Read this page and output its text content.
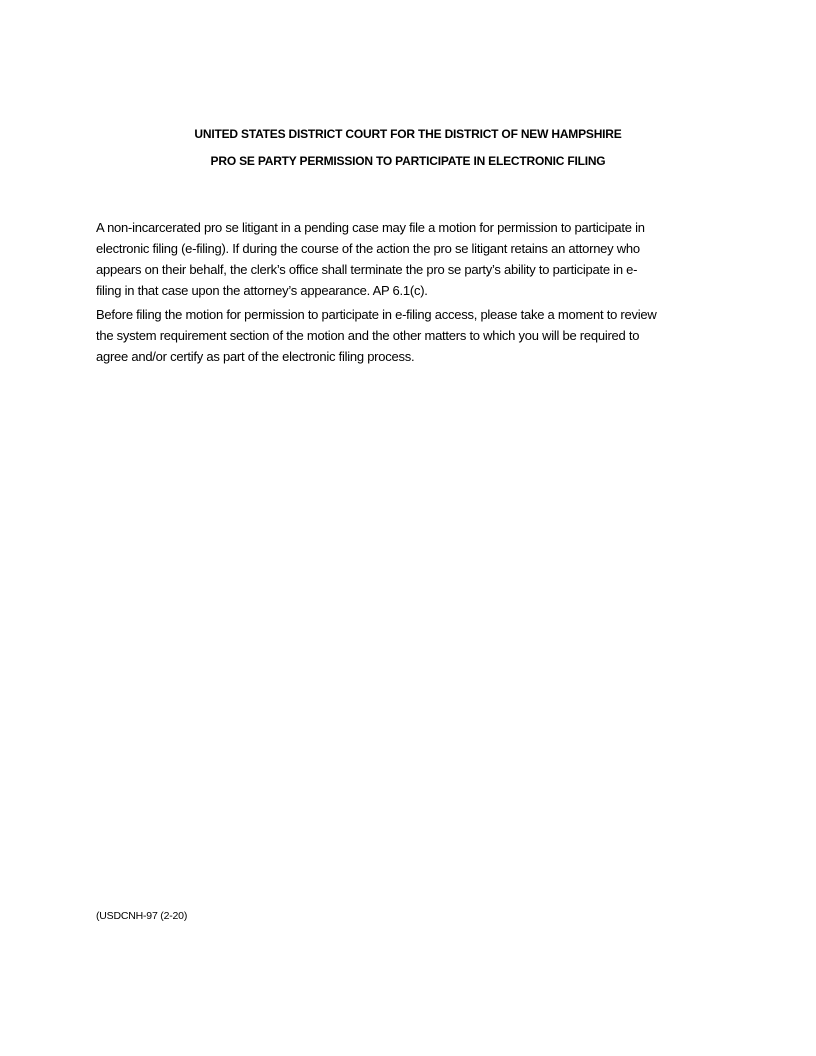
UNITED STATES DISTRICT COURT FOR THE DISTRICT OF NEW HAMPSHIRE
PRO SE PARTY PERMISSION TO PARTICIPATE IN ELECTRONIC FILING
A non-incarcerated pro se litigant in a pending case may file a motion for permission to participate in
electronic filing (e-filing). If during the course of the action the pro se litigant retains an attorney who
appears on their behalf, the clerk’s office shall terminate the pro se party’s ability to participate in e-
filing in that case upon the attorney’s appearance. AP 6.1(c).
Before filing the motion for permission to participate in e-filing access, please take a moment to review
the system requirement section of the motion and the other matters to which you will be required to
agree and/or certify as part of the electronic filing process.
(USDCNH-97 (2-20)
